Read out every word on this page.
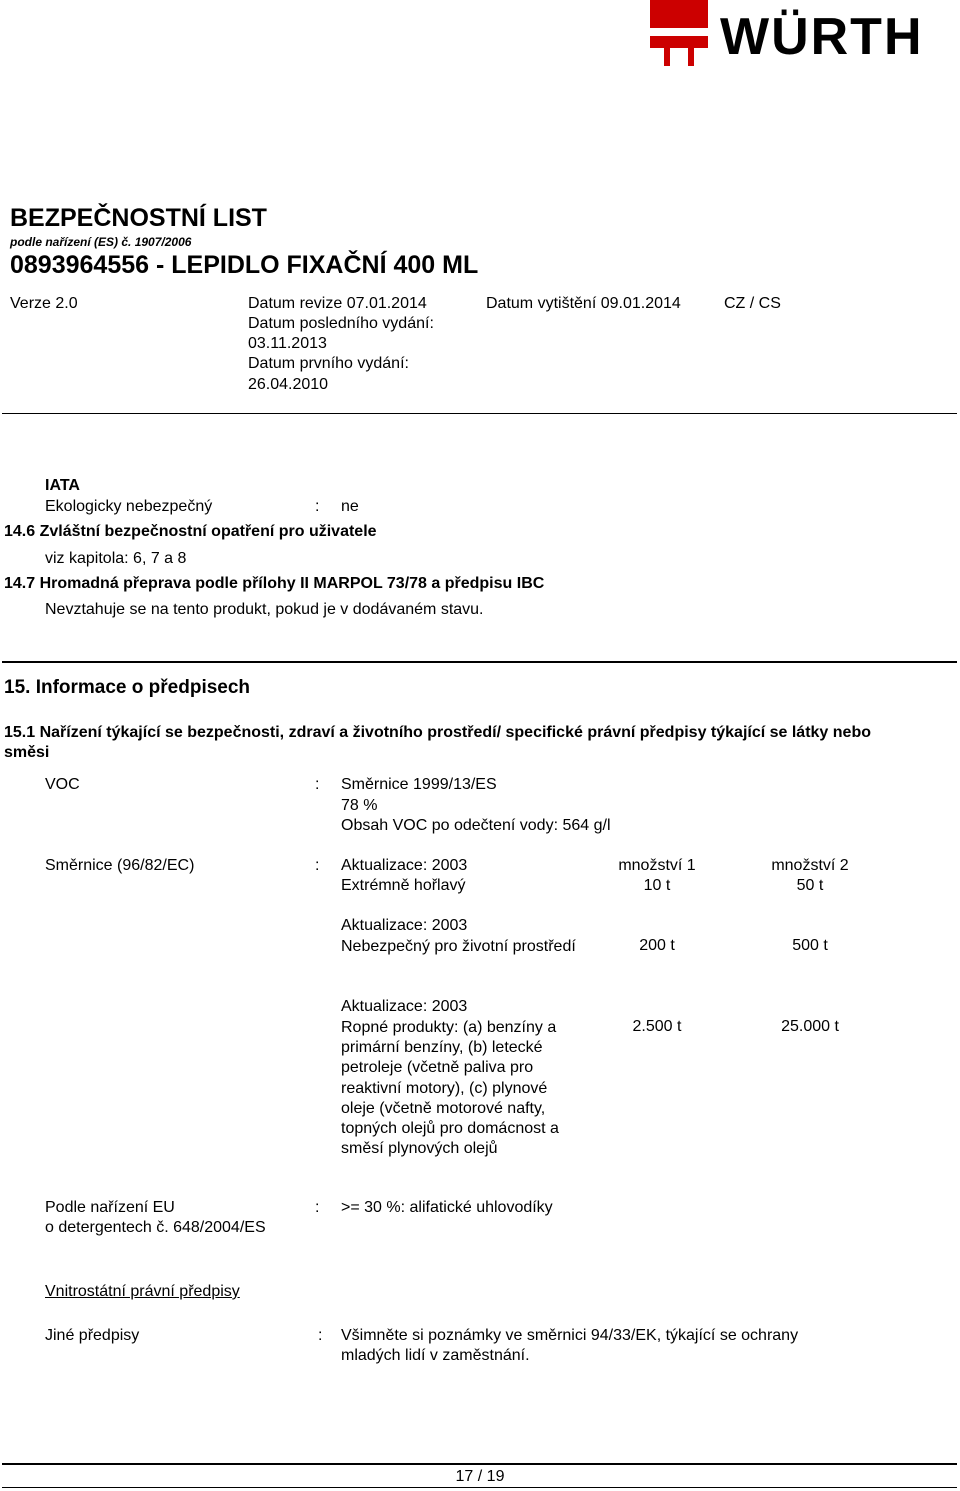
WÜRTH
BEZPEČNOSTNÍ LIST
podle nařízení (ES) č. 1907/2006
0893964556 - LEPIDLO FIXAČNÍ 400 ML
Verze 2.0	Datum revize 07.01.2014
Datum posledního vydání:
03.11.2013
Datum prvního vydání:
26.04.2010
Datum vytištění 09.01.2014	CZ / CS
IATA
Ekologicky nebezpečný	: ne
14.6 Zvláštní bezpečnostní opatření pro uživatele
viz kapitola: 6, 7 a 8
14.7 Hromadná přeprava podle přílohy II MARPOL 73/78 a předpisu IBC
Nevztahuje se na tento produkt, pokud je v dodávaném stavu.
15. Informace o předpisech
15.1 Nařízení týkající se bezpečnosti, zdraví a životního prostředí/ specifické právní předpisy týkající se látky nebo
směsi
VOC	: Směrnice 1999/13/ES
78 %
Obsah VOC po odečtení vody: 564 g/l
Směrnice (96/82/EC)	:	množství 1	množství 2
Aktualizace: 2003
Extrémně hořlavý	10 t	50 t
Aktualizace: 2003
Nebezpečný pro životní prostředí	200 t	500 t
Aktualizace: 2003
Ropné produkty: (a) benzíny a primární benzíny, (b) letecké petroleje (včetně paliva pro reaktivní motory), (c) plynové oleje (včetně motorové nafty, topných olejů pro domácnost a směsí plynových olejů
2.500 t	25.000 t
Podle nařízení EU
o detergentech č. 648/2004/ES
: >= 30 %: alifatické uhlovodíky
Vnitrostátní právní předpisy
Jiné předpisy	: Všimněte si poznámky ve směrnici 94/33/EK, týkající se ochrany
mladých lidí v zaměstnání.
17 / 19
